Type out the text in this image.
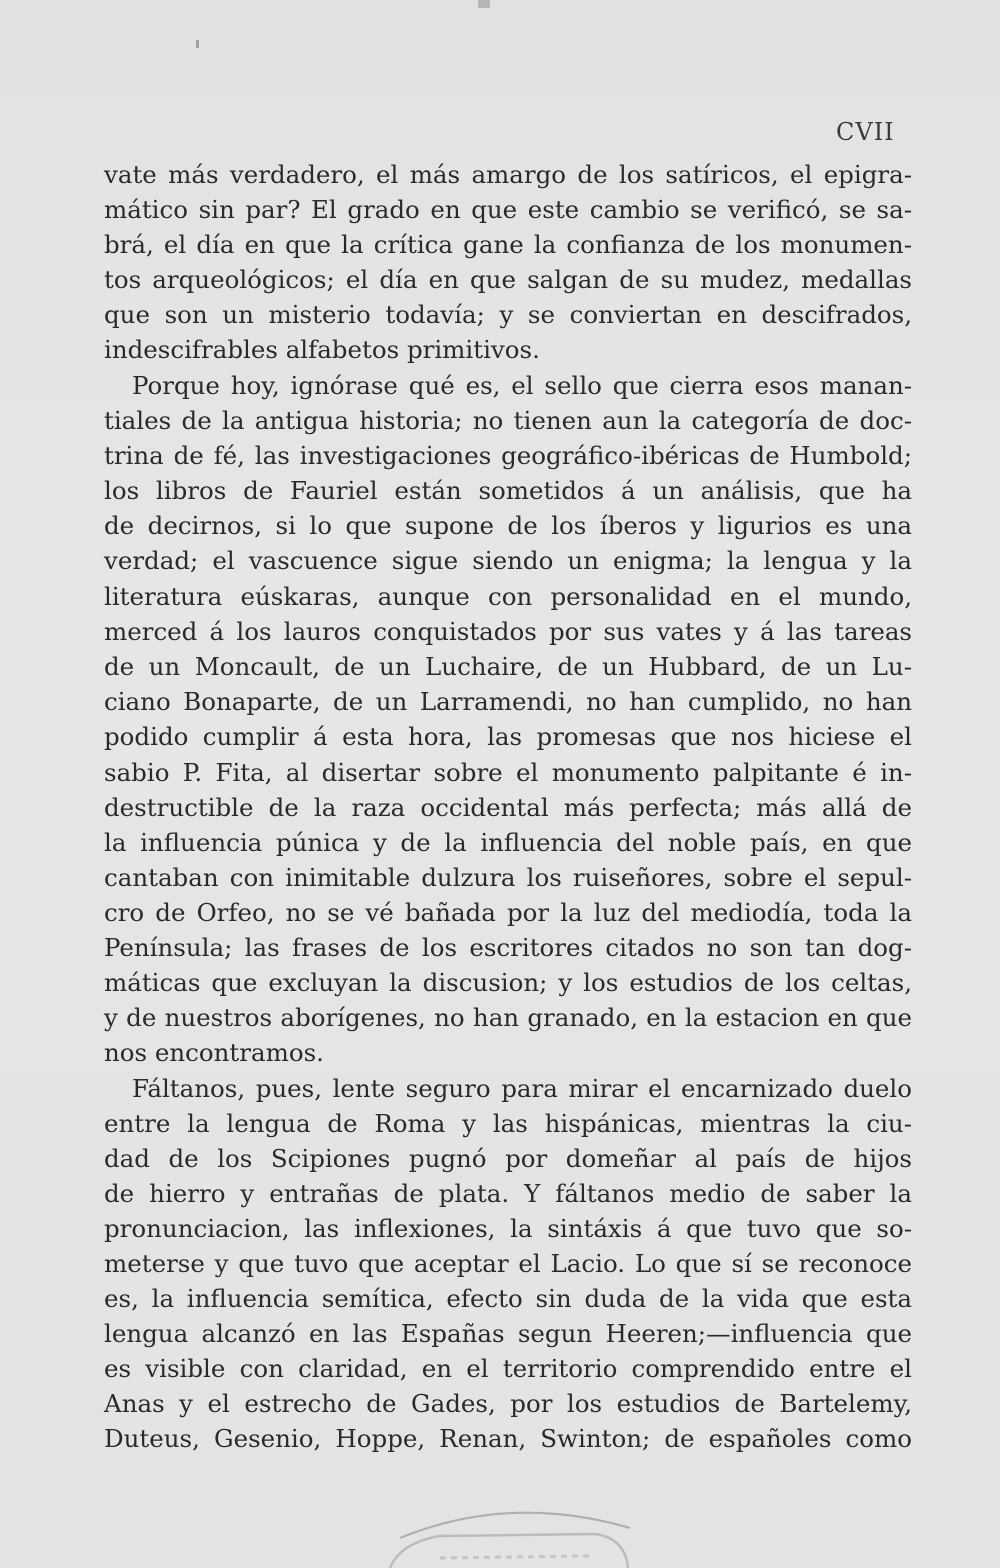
CVII
vate más verdadero, el más amargo de los satíricos, el epigra-
mático sin par? El grado en que este cambio se verificó, se sa-
brá, el día en que la crítica gane la confianza de los monumen-
tos arqueológicos; el día en que salgan de su mudez, medallas
que son un misterio todavía; y se conviertan en descifrados,
indescifrables alfabetos primitivos.
Porque hoy, ignórase qué es, el sello que cierra esos manan-
tiales de la antigua historia; no tienen aun la categoría de doc-
trina de fé, las investigaciones geográfico-ibéricas de Humbold;
los libros de Fauriel están sometidos á un análisis, que ha
de decirnos, si lo que supone de los íberos y ligurios es una
verdad; el vascuence sigue siendo un enigma; la lengua y la
literatura eúskaras, aunque con personalidad en el mundo,
merced á los lauros conquistados por sus vates y á las tareas
de un Moncault, de un Luchaire, de un Hubbard, de un Lu-
ciano Bonaparte, de un Larramendi, no han cumplido, no han
podido cumplir á esta hora, las promesas que nos hiciese el
sabio P. Fita, al disertar sobre el monumento palpitante é in-
destructible de la raza occidental más perfecta; más allá de
la influencia púnica y de la influencia del noble país, en que
cantaban con inimitable dulzura los ruiseñores, sobre el sepul-
cro de Orfeo, no se vé bañada por la luz del mediodía, toda la
Península; las frases de los escritores citados no son tan dog-
máticas que excluyan la discusion; y los estudios de los celtas,
y de nuestros aborígenes, no han granado, en la estacion en que
nos encontramos.
Fáltanos, pues, lente seguro para mirar el encarnizado duelo
entre la lengua de Roma y las hispánicas, mientras la ciu-
dad de los Scipiones pugnó por domeñar al país de hijos
de hierro y entrañas de plata. Y fáltanos medio de saber la
pronunciacion, las inflexiones, la sintáxis á que tuvo que so-
meterse y que tuvo que aceptar el Lacio. Lo que sí se reconoce
es, la influencia semítica, efecto sin duda de la vida que esta
lengua alcanzó en las Españas segun Heeren;—influencia que
es visible con claridad, en el territorio comprendido entre el
Anas y el estrecho de Gades, por los estudios de Bartelemy,
Duteus, Gesenio, Hoppe, Renan, Swinton; de españoles como
